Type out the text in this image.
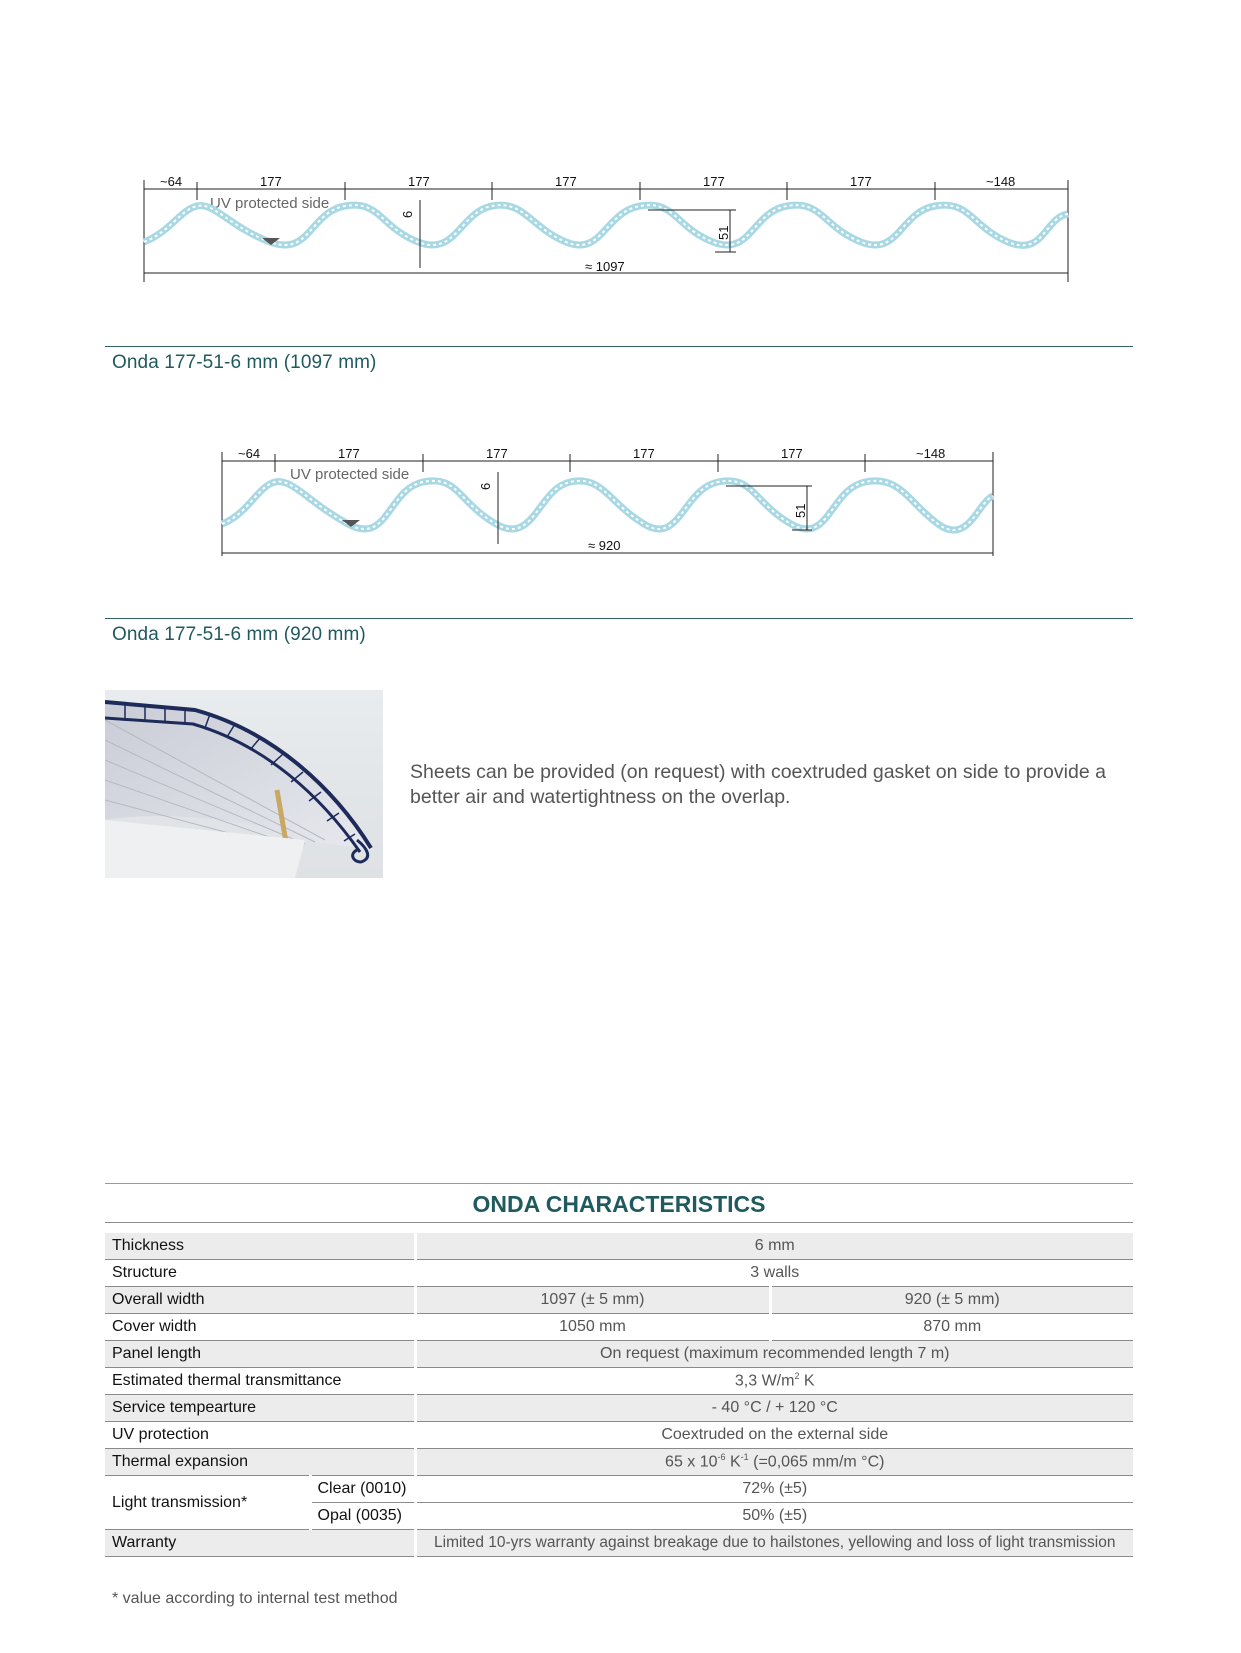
~64	177	177	177	177	177	~148
UV protected side
6
51
≈ 1097
Onda 177-51-6 mm (1097 mm)
~64	177	177	177	177	~148
UV protected side
6
51
≈ 920
Onda 177-51-6 mm (920 mm)
Sheets can be provided (on request) with coextruded gasket on side to provide a better air and watertightness on the overlap.
ONDA CHARACTERISTICS
Thickness		6 mm	
Structure		3 walls	
Overall width		1097 (± 5 mm)	920 (± 5 mm)
Cover width		1050 mm	870 mm
Panel length		On request (maximum recommended length 7 m)	
Estimated thermal transmittance		3,3 $W/m^2$ K	
Service tempearture		- 40 °C / + 120 °C	
UV protection		Coextruded on the external side	
Thermal expansion		65 x $10^{-6}$ $K^{-1}$ (=0,065 mm/m °C)	
Light transmission*	Clear (0010)	72% (±5)	
	Opal (0035)	50% (±5)	
Warranty		Limited 10-yrs warranty against breakage due to hailstones, yellowing and loss of light transmission	
* value according to internal test method
